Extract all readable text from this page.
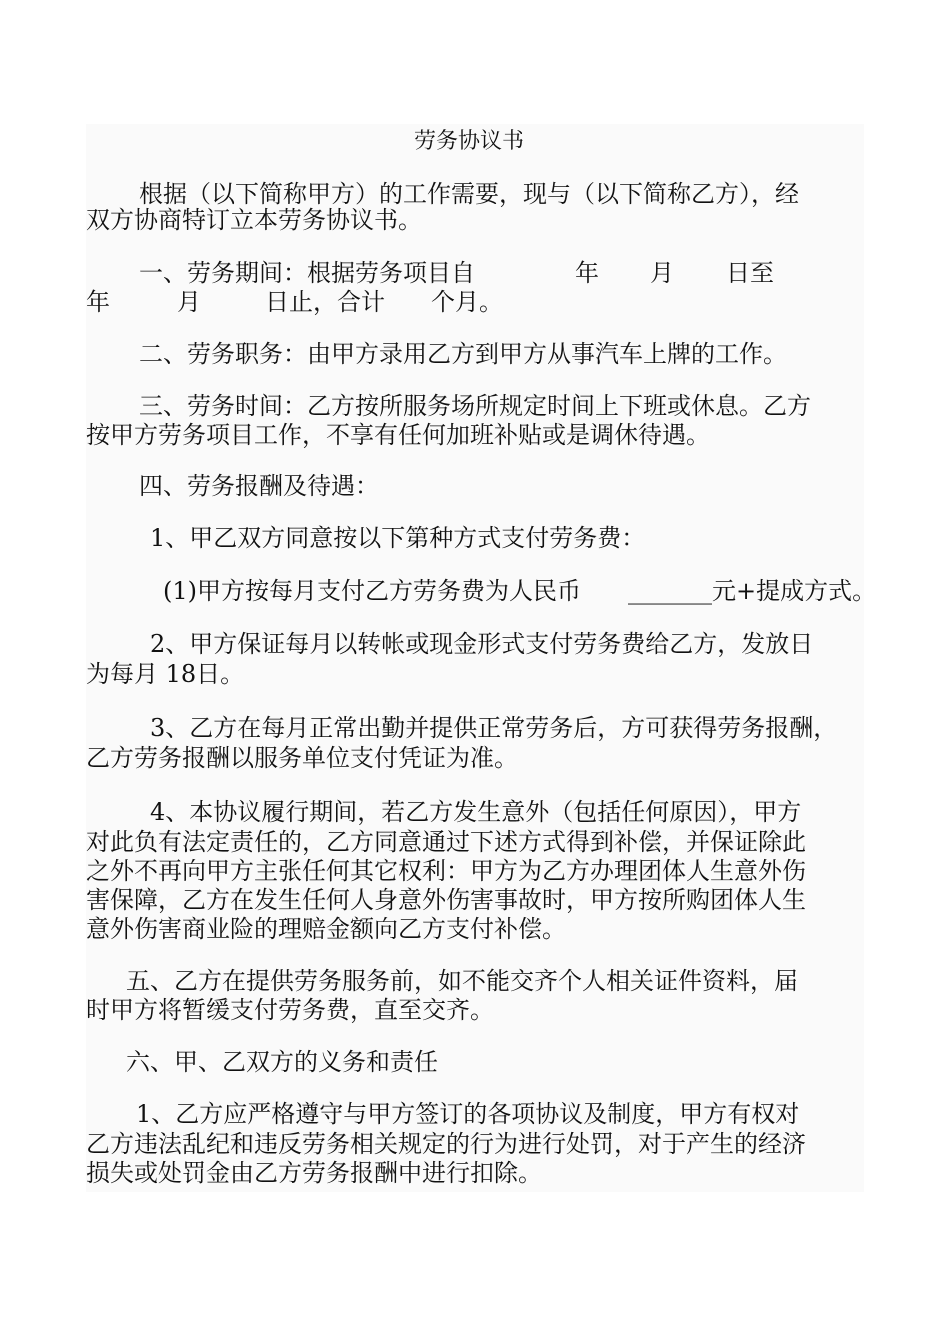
劳务协议书
根据（以下简称甲方）的工作需要，现与（以下简称乙方），经
双方协商特订立本劳务协议书。
一、劳务期间：根据劳务项目自	年 月 日至
年	月	日止，合计 个月。
二、劳务职务：由甲方录用乙方到甲方从事汽车上牌的工作。
三、劳务时间：乙方按所服务场所规定时间上下班或休息。乙方
按甲方劳务项目工作，不享有任何加班补贴或是调休待遇。
四、劳务报酬及待遇：
1、甲乙双方同意按以下第种方式支付劳务费：
(1)甲方按每月支付乙方劳务费为人民币 _______元+提成方式。
2、甲方保证每月以转帐或现金形式支付劳务费给乙方，发放日
为每月 18日。
3、乙方在每月正常出勤并提供正常劳务后，方可获得劳务报酬，
乙方劳务报酬以服务单位支付凭证为准。
4、本协议履行期间，若乙方发生意外（包括任何原因），甲方
对此负有法定责任的，乙方同意通过下述方式得到补偿，并保证除此
之外不再向甲方主张任何其它权利：甲方为乙方办理团体人生意外伤
害保障，乙方在发生任何人身意外伤害事故时，甲方按所购团体人生
意外伤害商业险的理赔金额向乙方支付补偿。
五、乙方在提供劳务服务前，如不能交齐个人相关证件资料，届
时甲方将暂缓支付劳务费，直至交齐。
六、甲、乙双方的义务和责任
1、乙方应严格遵守与甲方签订的各项协议及制度，甲方有权对
乙方违法乱纪和违反劳务相关规定的行为进行处罚，对于产生的经济
损失或处罚金由乙方劳务报酬中进行扣除。
